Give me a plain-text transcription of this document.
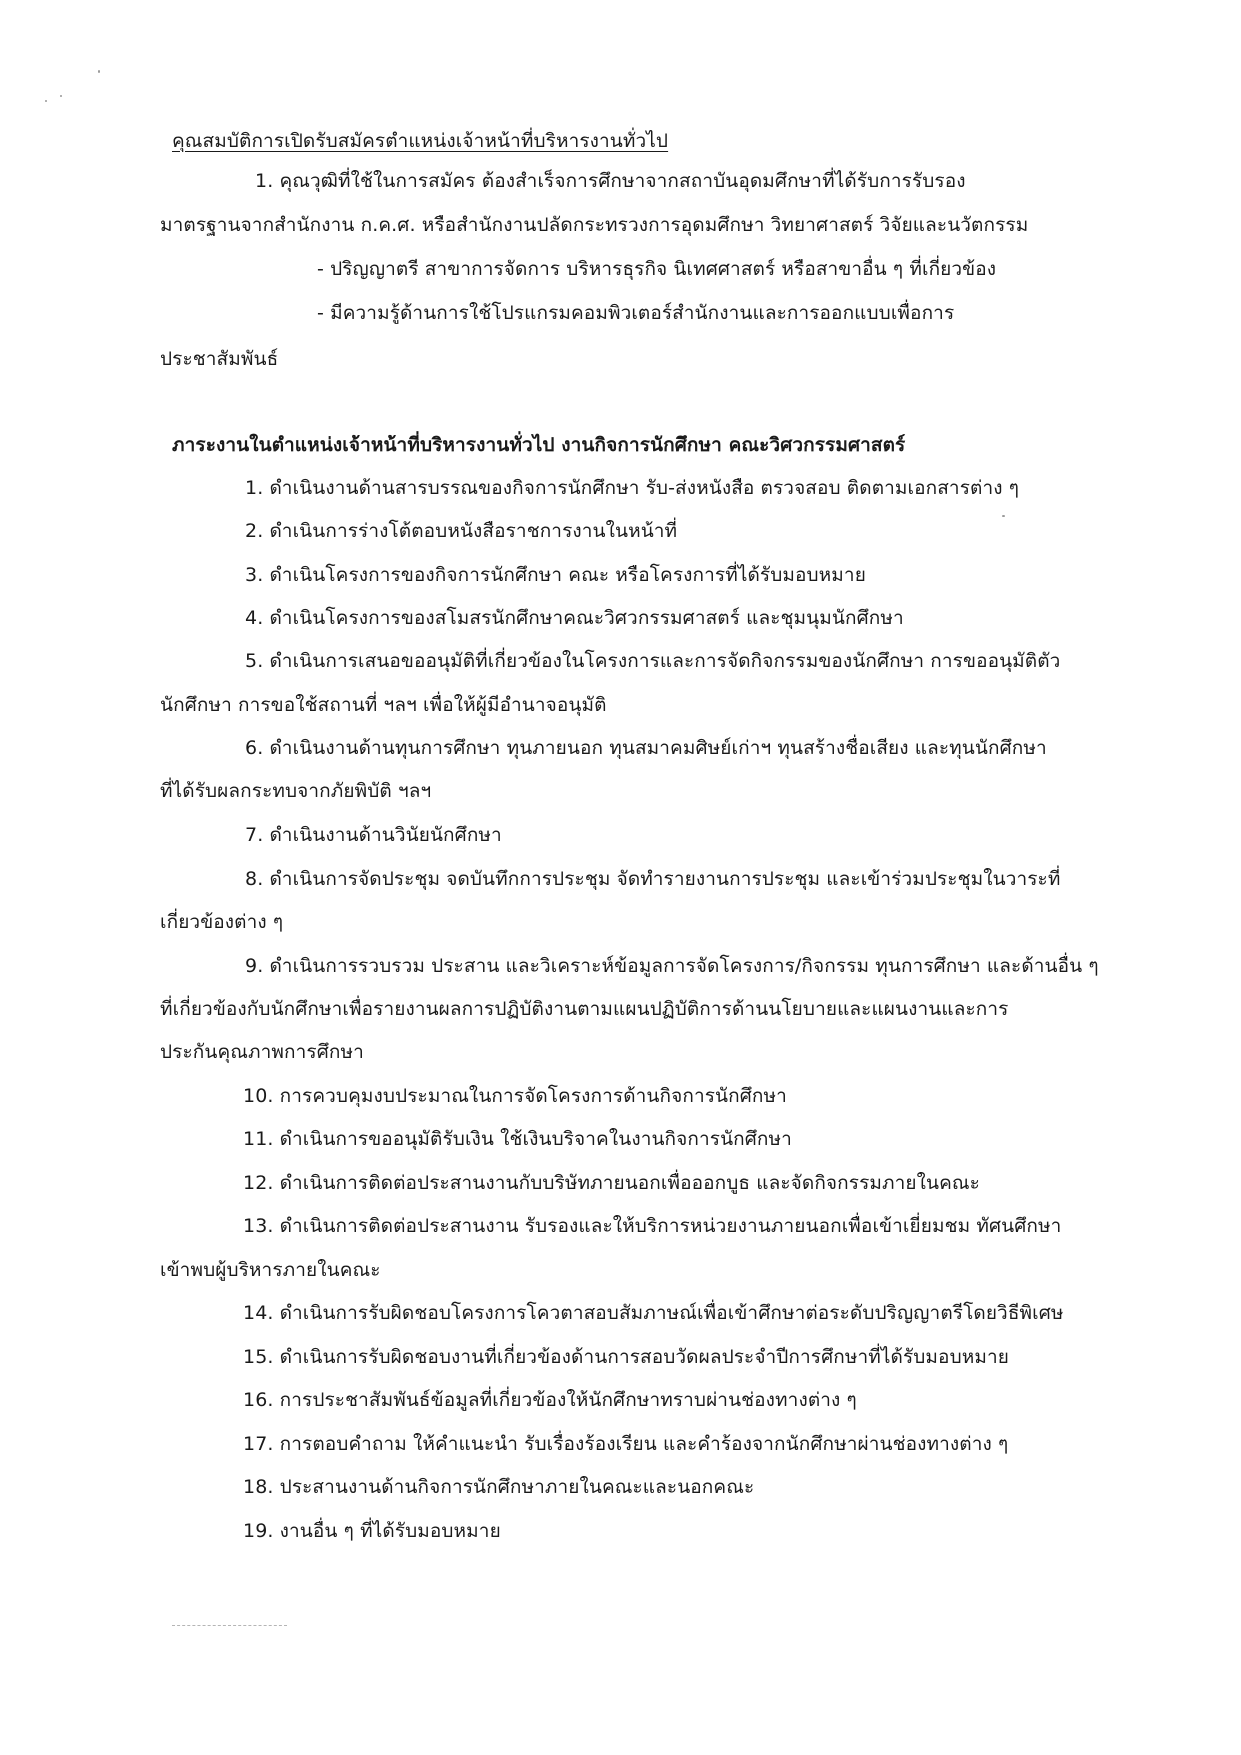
คุณสมบัติการเปิดรับสมัครตำแหน่งเจ้าหน้าที่บริหารงานทั่วไป
1. คุณวุฒิที่ใช้ในการสมัคร ต้องสำเร็จการศึกษาจากสถาบันอุดมศึกษาที่ได้รับการรับรอง
มาตรฐานจากสำนักงาน ก.ค.ศ. หรือสำนักงานปลัดกระทรวงการอุดมศึกษา วิทยาศาสตร์ วิจัยและนวัตกรรม
- ปริญญาตรี สาขาการจัดการ บริหารธุรกิจ นิเทศศาสตร์ หรือสาขาอื่น ๆ ที่เกี่ยวข้อง
- มีความรู้ด้านการใช้โปรแกรมคอมพิวเตอร์สำนักงานและการออกแบบเพื่อการ
ประชาสัมพันธ์
ภาระงานในตำแหน่งเจ้าหน้าที่บริหารงานทั่วไป งานกิจการนักศึกษา คณะวิศวกรรมศาสตร์
1. ดำเนินงานด้านสารบรรณของกิจการนักศึกษา รับ-ส่งหนังสือ ตรวจสอบ ติดตามเอกสารต่าง ๆ
2. ดำเนินการร่างโต้ตอบหนังสือราชการงานในหน้าที่
3. ดำเนินโครงการของกิจการนักศึกษา คณะ หรือโครงการที่ได้รับมอบหมาย
4. ดำเนินโครงการของสโมสรนักศึกษาคณะวิศวกรรมศาสตร์ และชุมนุมนักศึกษา
5. ดำเนินการเสนอขออนุมัติที่เกี่ยวข้องในโครงการและการจัดกิจกรรมของนักศึกษา การขออนุมัติตัว
นักศึกษา การขอใช้สถานที่ ฯลฯ เพื่อให้ผู้มีอำนาจอนุมัติ
6. ดำเนินงานด้านทุนการศึกษา ทุนภายนอก ทุนสมาคมศิษย์เก่าฯ ทุนสร้างชื่อเสียง และทุนนักศึกษา
ที่ได้รับผลกระทบจากภัยพิบัติ ฯลฯ
7. ดำเนินงานด้านวินัยนักศึกษา
8. ดำเนินการจัดประชุม จดบันทึกการประชุม จัดทำรายงานการประชุม และเข้าร่วมประชุมในวาระที่
เกี่ยวข้องต่าง ๆ
9. ดำเนินการรวบรวม ประสาน และวิเคราะห์ข้อมูลการจัดโครงการ/กิจกรรม ทุนการศึกษา และด้านอื่น ๆ
ที่เกี่ยวข้องกับนักศึกษาเพื่อรายงานผลการปฏิบัติงานตามแผนปฏิบัติการด้านนโยบายและแผนงานและการ
ประกันคุณภาพการศึกษา
10. การควบคุมงบประมาณในการจัดโครงการด้านกิจการนักศึกษา
11. ดำเนินการขออนุมัติรับเงิน ใช้เงินบริจาคในงานกิจการนักศึกษา
12. ดำเนินการติดต่อประสานงานกับบริษัทภายนอกเพื่อออกบูธ และจัดกิจกรรมภายในคณะ
13. ดำเนินการติดต่อประสานงาน รับรองและให้บริการหน่วยงานภายนอกเพื่อเข้าเยี่ยมชม ทัศนศึกษา
เข้าพบผู้บริหารภายในคณะ
14. ดำเนินการรับผิดชอบโครงการโควตาสอบสัมภาษณ์เพื่อเข้าศึกษาต่อระดับปริญญาตรีโดยวิธีพิเศษ
15. ดำเนินการรับผิดชอบงานที่เกี่ยวข้องด้านการสอบวัดผลประจำปีการศึกษาที่ได้รับมอบหมาย
16. การประชาสัมพันธ์ข้อมูลที่เกี่ยวข้องให้นักศึกษาทราบผ่านช่องทางต่าง ๆ
17. การตอบคำถาม ให้คำแนะนำ รับเรื่องร้องเรียน และคำร้องจากนักศึกษาผ่านช่องทางต่าง ๆ
18. ประสานงานด้านกิจการนักศึกษาภายในคณะและนอกคณะ
19. งานอื่น ๆ ที่ได้รับมอบหมาย
